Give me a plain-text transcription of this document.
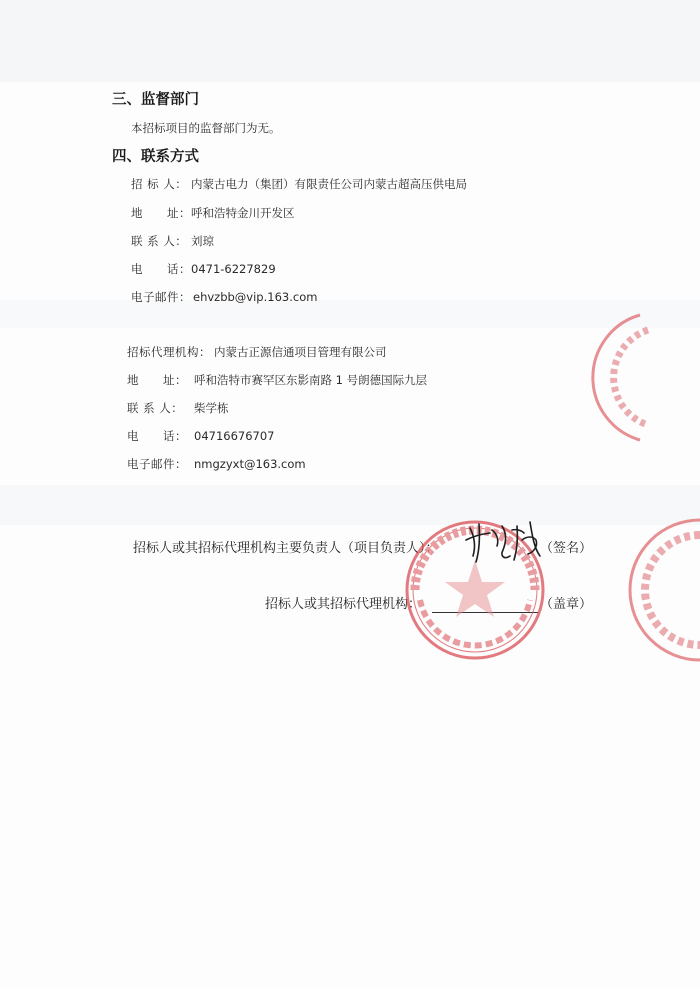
三、监督部门
本招标项目的监督部门为无。
四、联系方式
招 标 人： 内蒙古电力（集团）有限责任公司内蒙古超高压供电局
地　　址： 呼和浩特金川开发区
联 系 人： 刘琼
电　　话： 0471-6227829
电子邮件： ehvzbb@vip.163.com
招标代理机构： 内蒙古正源信通项目管理有限公司
地　　址： 呼和浩特市赛罕区东影南路 1 号朗德国际九层
联 系 人： 柴学栋
电　　话： 04716676707
电子邮件： nmgzyxt@163.com
招标人或其招标代理机构主要负责人（项目负责人）：	（签名）
招标人或其招标代理机构：	（盖章）
